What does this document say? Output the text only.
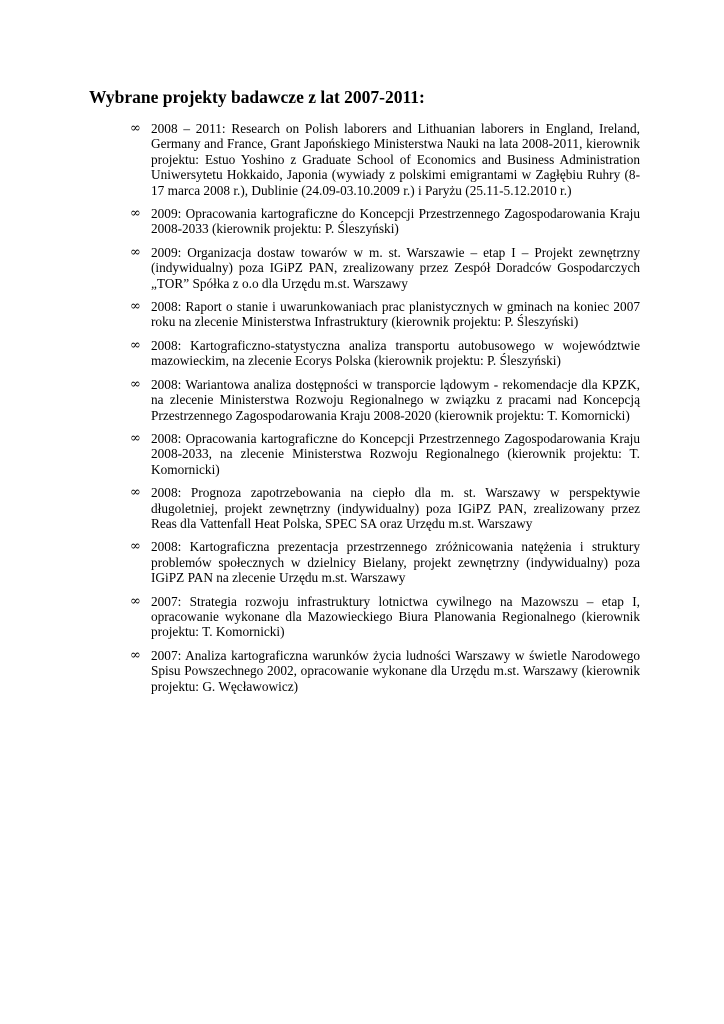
Wybrane projekty badawcze z lat 2007-2011:
∞ 2008 – 2011: Research on Polish laborers and Lithuanian laborers in England, Ireland, Germany and France, Grant Japońskiego Ministerstwa Nauki na lata 2008-2011, kierownik projektu: Estuo Yoshino z Graduate School of Economics and Business Administration Uniwersytetu Hokkaido, Japonia (wywiady z polskimi emigrantami w Zagłębiu Ruhry (8-17 marca 2008 r.), Dublinie (24.09-03.10.2009 r.) i Paryżu (25.11-5.12.2010 r.)
∞ 2009: Opracowania kartograficzne do Koncepcji Przestrzennego Zagospodarowania Kraju 2008-2033 (kierownik projektu: P. Śleszyński)
∞ 2009: Organizacja dostaw towarów w m. st. Warszawie – etap I – Projekt zewnętrzny (indywidualny) poza IGiPZ PAN, zrealizowany przez Zespół Doradców Gospodarczych „TOR” Spółka z o.o dla Urzędu m.st. Warszawy
∞ 2008: Raport o stanie i uwarunkowaniach prac planistycznych w gminach na koniec 2007 roku na zlecenie Ministerstwa Infrastruktury (kierownik projektu: P. Śleszyński)
∞ 2008: Kartograficzno-statystyczna analiza transportu autobusowego w województwie mazowieckim, na zlecenie Ecorys Polska (kierownik projektu: P. Śleszyński)
∞ 2008: Wariantowa analiza dostępności w transporcie lądowym - rekomendacje dla KPZK, na zlecenie Ministerstwa Rozwoju Regionalnego w związku z pracami nad Koncepcją Przestrzennego Zagospodarowania Kraju 2008-2020 (kierownik projektu: T. Komornicki)
∞ 2008: Opracowania kartograficzne do Koncepcji Przestrzennego Zagospodarowania Kraju 2008-2033, na zlecenie Ministerstwa Rozwoju Regionalnego (kierownik projektu: T. Komornicki)
∞ 2008: Prognoza zapotrzebowania na ciepło dla m. st. Warszawy w perspektywie długoletniej, projekt zewnętrzny (indywidualny) poza IGiPZ PAN, zrealizowany przez Reas dla Vattenfall Heat Polska, SPEC SA oraz Urzędu m.st. Warszawy
∞ 2008: Kartograficzna prezentacja przestrzennego zróżnicowania natężenia i struktury problemów społecznych w dzielnicy Bielany, projekt zewnętrzny (indywidualny) poza IGiPZ PAN na zlecenie Urzędu m.st. Warszawy
∞ 2007: Strategia rozwoju infrastruktury lotnictwa cywilnego na Mazowszu – etap I, opracowanie wykonane dla Mazowieckiego Biura Planowania Regionalnego (kierownik projektu: T. Komornicki)
∞ 2007: Analiza kartograficzna warunków życia ludności Warszawy w świetle Narodowego Spisu Powszechnego 2002, opracowanie wykonane dla Urzędu m.st. Warszawy (kierownik projektu: G. Węcławowicz)
